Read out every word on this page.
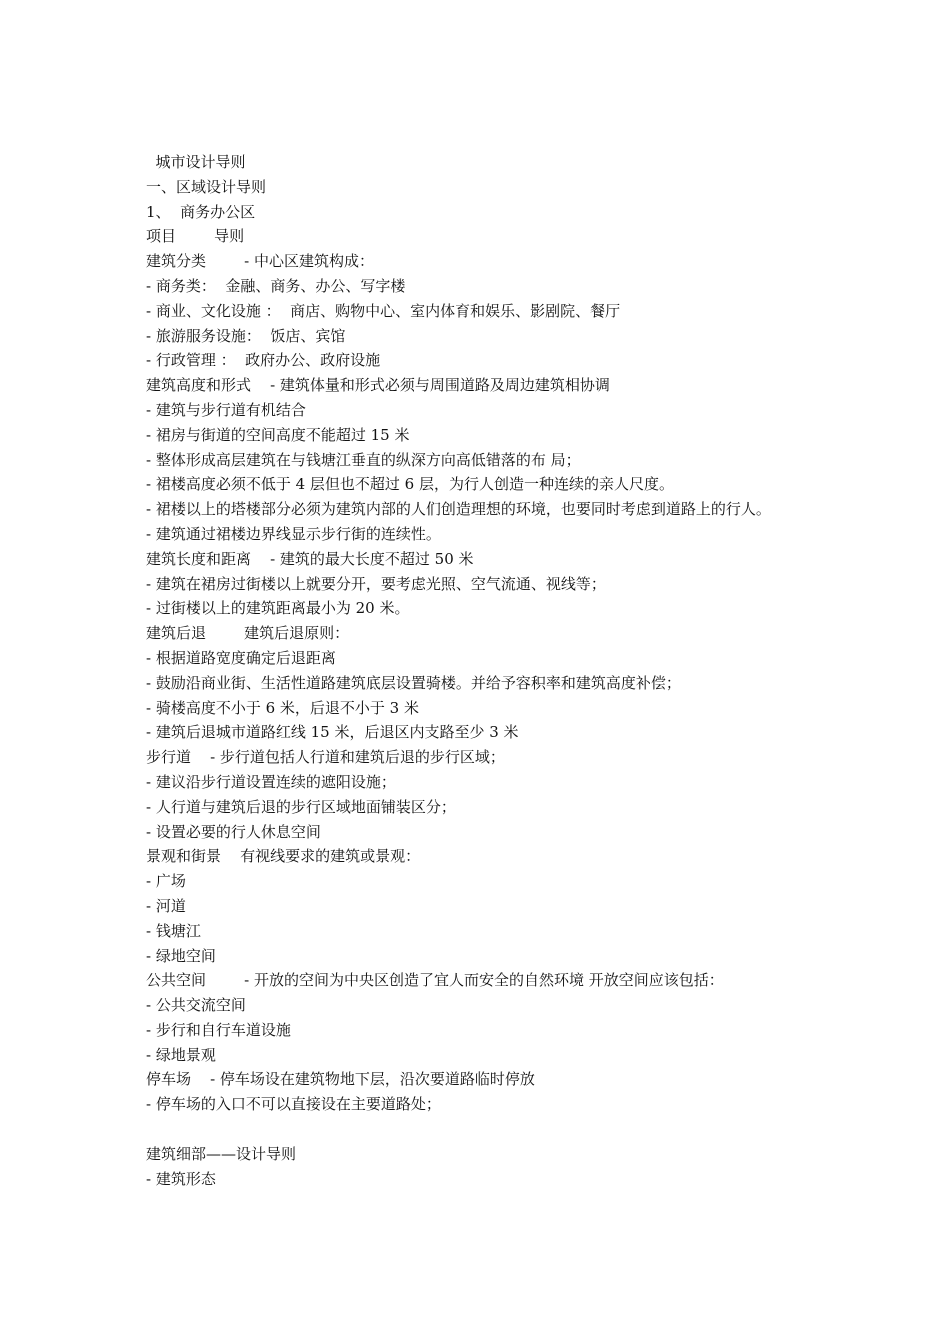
城市设计导则

一、区域设计导则

1、  商务办公区

项目        导则

建筑分类        - 中心区建筑构成：

- 商务类：  金融、商务、办公、写字楼

- 商业、文化设施 ：  商店、购物中心、室内体育和娱乐、影剧院、餐厅

- 旅游服务设施：  饭店、宾馆

- 行政管理 ：  政府办公、政府设施

建筑高度和形式    - 建筑体量和形式必须与周围道路及周边建筑相协调

- 建筑与步行道有机结合

- 裙房与街道的空间高度不能超过 15 米

- 整体形成高层建筑在与钱塘江垂直的纵深方向高低错落的布 局；

- 裙楼高度必须不低于 4 层但也不超过 6 层，为行人创造一种连续的亲人尺度。

- 裙楼以上的塔楼部分必须为建筑内部的人们创造理想的环境，也要同时考虑到道路上的行人。

- 建筑通过裙楼边界线显示步行街的连续性。

建筑长度和距离    - 建筑的最大长度不超过 50 米

- 建筑在裙房过街楼以上就要分开，要考虑光照、空气流通、视线等；

- 过街楼以上的建筑距离最小为 20 米。

建筑后退        建筑后退原则：

- 根据道路宽度确定后退距离

- 鼓励沿商业街、生活性道路建筑底层设置骑楼。并给予容积率和建筑高度补偿；

- 骑楼高度不小于 6 米，后退不小于 3 米

- 建筑后退城市道路红线 15 米，后退区内支路至少 3 米

步行道    - 步行道包括人行道和建筑后退的步行区域；

- 建议沿步行道设置连续的遮阳设施；

- 人行道与建筑后退的步行区域地面铺装区分；

- 设置必要的行人休息空间

景观和街景    有视线要求的建筑或景观：

- 广场

- 河道

- 钱塘江

- 绿地空间

公共空间        - 开放的空间为中央区创造了宜人而安全的自然环境 开放空间应该包括：

- 公共交流空间

- 步行和自行车道设施

- 绿地景观

停车场    - 停车场设在建筑物地下层，沿次要道路临时停放

- 停车场的入口不可以直接设在主要道路处；

建筑细部——设计导则

- 建筑形态
